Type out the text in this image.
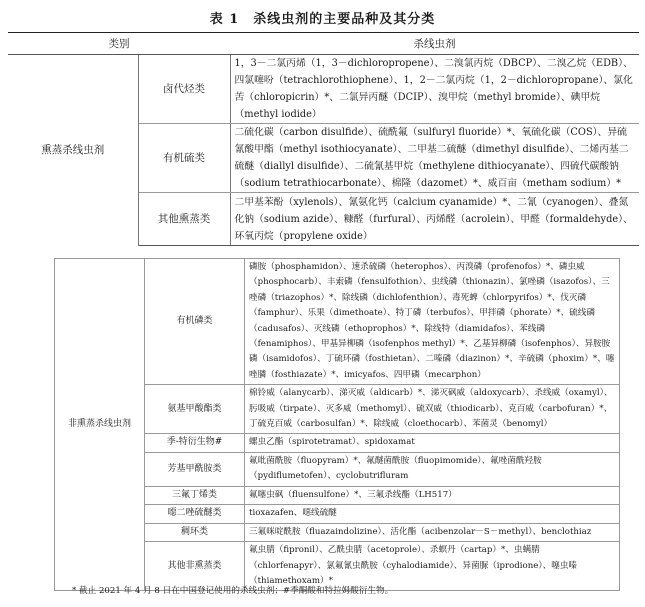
表 1　杀线虫剂的主要品种及其分类
类别		杀线虫剂
熏蒸杀线虫剂	卤代烃类	1，3－二氯丙烯（1，3－dichloropropene）、二溴氯丙烷（DBCP）、二溴乙烷（EDB）、四氯噻吩（tetrachlorothiophene）、1，2－二氯丙烷（1，2－dichloropropane）、氯化苦（chloropicrin）*、二氯异丙醚（DCIP）、溴甲烷（methyl bromide）、碘甲烷（methyl iodide）
	有机硫类	二硫化碳（carbon disulfide）、硫酰氟（sulfuryl fluoride）*、氧硫化碳（COS）、异硫氰酸甲酯（methyl isothiocyanate）、二甲基二硫醚（dimethyl disulfide）、二烯丙基二硫醚（diallyl disulfide）、二硫氰基甲烷（methylene dithiocyanate）、四硫代碳酸钠（sodium tetrathiocarbonate）、棉隆（dazomet）*、威百亩（metham sodium）*
	其他熏蒸类	二甲基苯酚（xylenols）、氰氨化钙（calcium cyanamide）*、二氰（cyanogen）、叠氮化钠（sodium azide）、糠醛（furfural）、丙烯醛（acrolein）、甲醛（formaldehyde）、环氧丙烷（propylene oxide）
非熏蒸杀线虫剂	有机磷类	磷胺（phosphamidon）、速杀硫磷（heterophos）、丙溴磷（profenofos）*、磷虫威（phosphocarb）、丰索磷（fensulfothion）、虫线磷（thionazin）、氯唑磷（isazofos）、三唑磷（triazophos）*、除线磷（dichlofenthion）、毒死蜱（chlorpyrifos）*、伐灭磷（famphur）、乐果（dimethoate）、特丁磷（terbufos）、甲拌磷（phorate）*、硫线磷（cadusafos）、灭线磷（ethoprophos）*、除线特（diamidafos）、苯线磷（fenamiphos）、甲基异柳磷（isofenphos methyl）*、乙基异柳磷（isofenphos）、异胺胺磷（isamidofos）、丁硫环磷（fosthietan）、二嗪磷（diazinon）*、辛硫磷（phoxim）*、噻唑膦（fosthiazate）*、imicyafos、四甲磷（mecarphon）
	氨基甲酸酯类	棉铃威（alanycarb）、涕灭威（aldicarb）*、涕灭砜威（aldoxycarb）、杀线威（oxamyl）、肟吸威（tirpate）、灭多威（methomyl）、硫双威（thiodicarb）、克百威（carbofuran）*、丁硫克百威（carbosulfan）*、除线威（cloethocarb）、苯菌灵（benomyl）
	季-特衍生物#	螺虫乙酯（spirotetramat）、spidoxamat
	芳基甲酰胺类	氟吡菌酰胺（fluopyram）*、氟醚菌酰胺（fluopimomide）、氟唑菌酰羟胺（pydiflumetofen）、cyclobutrifluram
	三氟丁烯类	氟噻虫砜（fluensulfone）*、三氟杀线酯（LH517）
	噁二唑硫醚类	tioxazafen、噁线硫醚
	稠环类	三氟咪啶酰胺（fluazaindolizine）、活化酯（acibenzolar－S－methyl）、benclothiaz
	其他非熏蒸类	氟虫腈（fipronil）、乙酰虫腈（acetoprole）、杀螟丹（cartap）*、虫螨腈（chlorfenapyr）、氯氟氰虫酰胺（cyhalodiamide）、异菌脲（iprodione）、噻虫嗪（thiamethoxam）*
* 截止 2021 年 4 月 8 日在中国登记使用的杀线虫剂；#季酮酸和特拉姆酸衍生物。
